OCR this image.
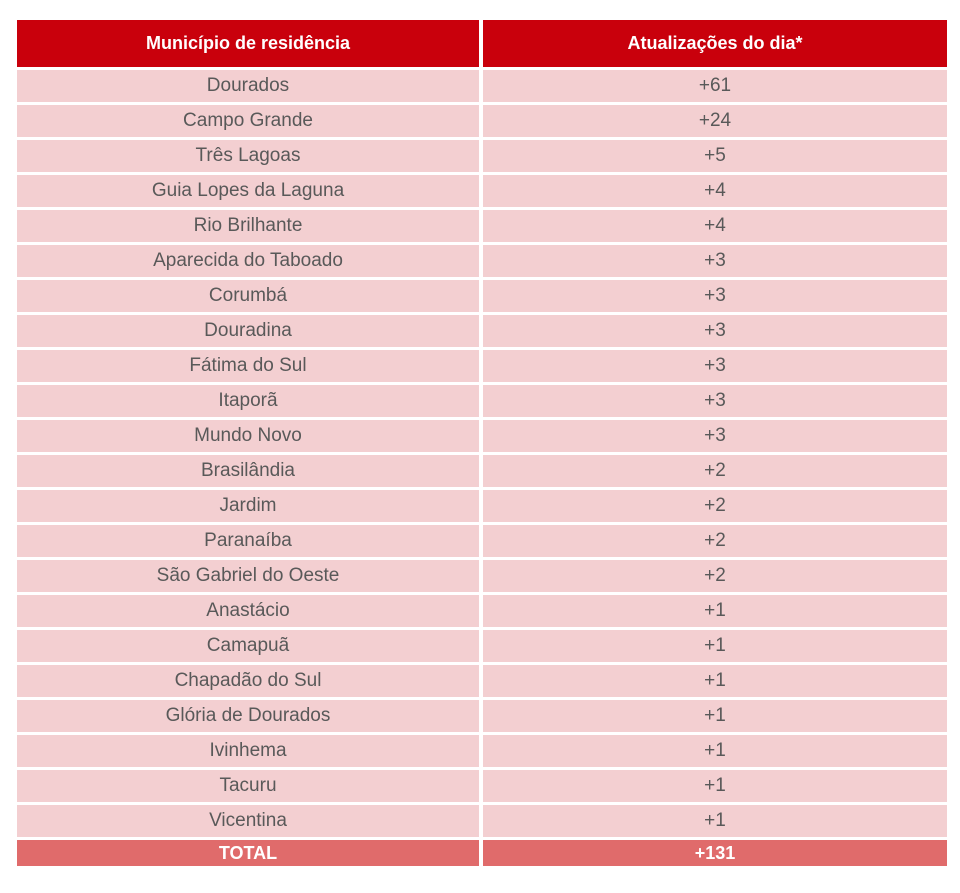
Município de residência	Atualizações do dia*
Dourados	+61
Campo Grande	+24
Três Lagoas	+5
Guia Lopes da Laguna	+4
Rio Brilhante	+4
Aparecida do Taboado	+3
Corumbá	+3
Douradina	+3
Fátima do Sul	+3
Itaporã	+3
Mundo Novo	+3
Brasilândia	+2
Jardim	+2
Paranaíba	+2
São Gabriel do Oeste	+2
Anastácio	+1
Camapuã	+1
Chapadão do Sul	+1
Glória de Dourados	+1
Ivinhema	+1
Tacuru	+1
Vicentina	+1
TOTAL	+131
